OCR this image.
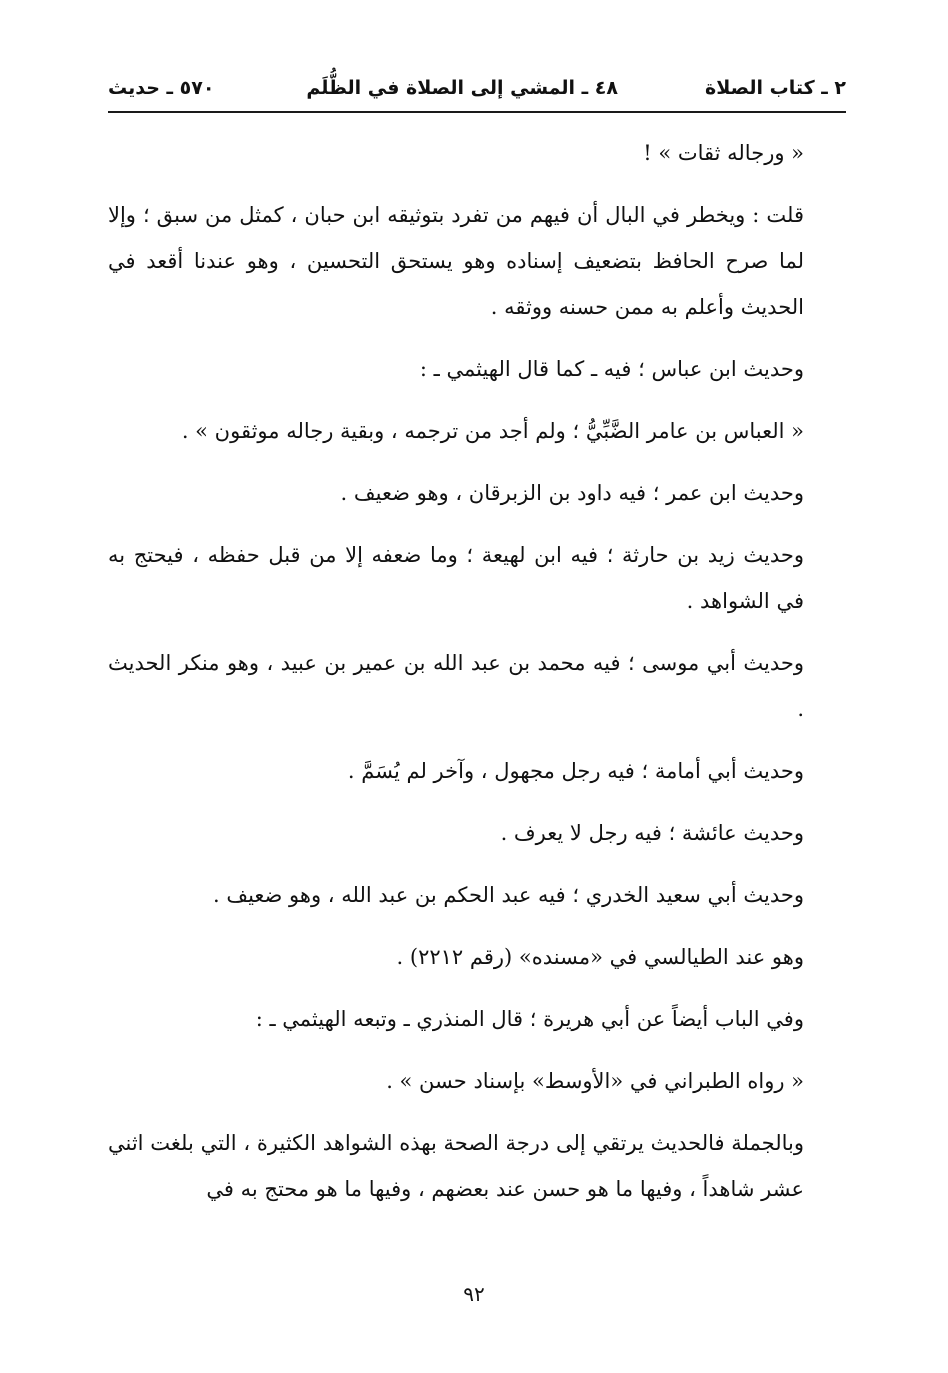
٢ ـ كتاب الصلاة
٤٨ ـ المشي إلى الصلاة في الظُّلَم
٥٧٠ ـ حديث

« ورجاله ثقات » !

قلت : ويخطر في البال أن فيهم من تفرد بتوثيقه ابن حبان ، كمثل من سبق ؛ وإلا لما صرح الحافظ بتضعيف إسناده وهو يستحق التحسين ، وهو عندنا أقعد في الحديث وأعلم به ممن حسنه ووثقه .

وحديث ابن عباس ؛ فيه ـ كما قال الهيثمي ـ :

« العباس بن عامر الضَّبِّيُّ ؛ ولم أجد من ترجمه ، وبقية رجاله موثقون » .

وحديث ابن عمر ؛ فيه داود بن الزبرقان ، وهو ضعيف .

وحديث زيد بن حارثة ؛ فيه ابن لهيعة ؛ وما ضعفه إلا من قبل حفظه ، فيحتج به في الشواهد .

وحديث أبي موسى ؛ فيه محمد بن عبد الله بن عمير بن عبيد ، وهو منكر الحديث .

وحديث أبي أمامة ؛ فيه رجل مجهول ، وآخر لم يُسَمَّ .

وحديث عائشة ؛ فيه رجل لا يعرف .

وحديث أبي سعيد الخدري ؛ فيه عبد الحكم بن عبد الله ، وهو ضعيف .

وهو عند الطيالسي في «مسنده» (رقم ٢٢١٢) .

وفي الباب أيضاً عن أبي هريرة ؛ قال المنذري ـ وتبعه الهيثمي ـ :

« رواه الطبراني في «الأوسط» بإسناد حسن » .

وبالجملة فالحديث يرتقي إلى درجة الصحة بهذه الشواهد الكثيرة ، التي بلغت اثني عشر شاهداً ، وفيها ما هو حسن عند بعضهم ، وفيها ما هو محتج به في

٩٢
